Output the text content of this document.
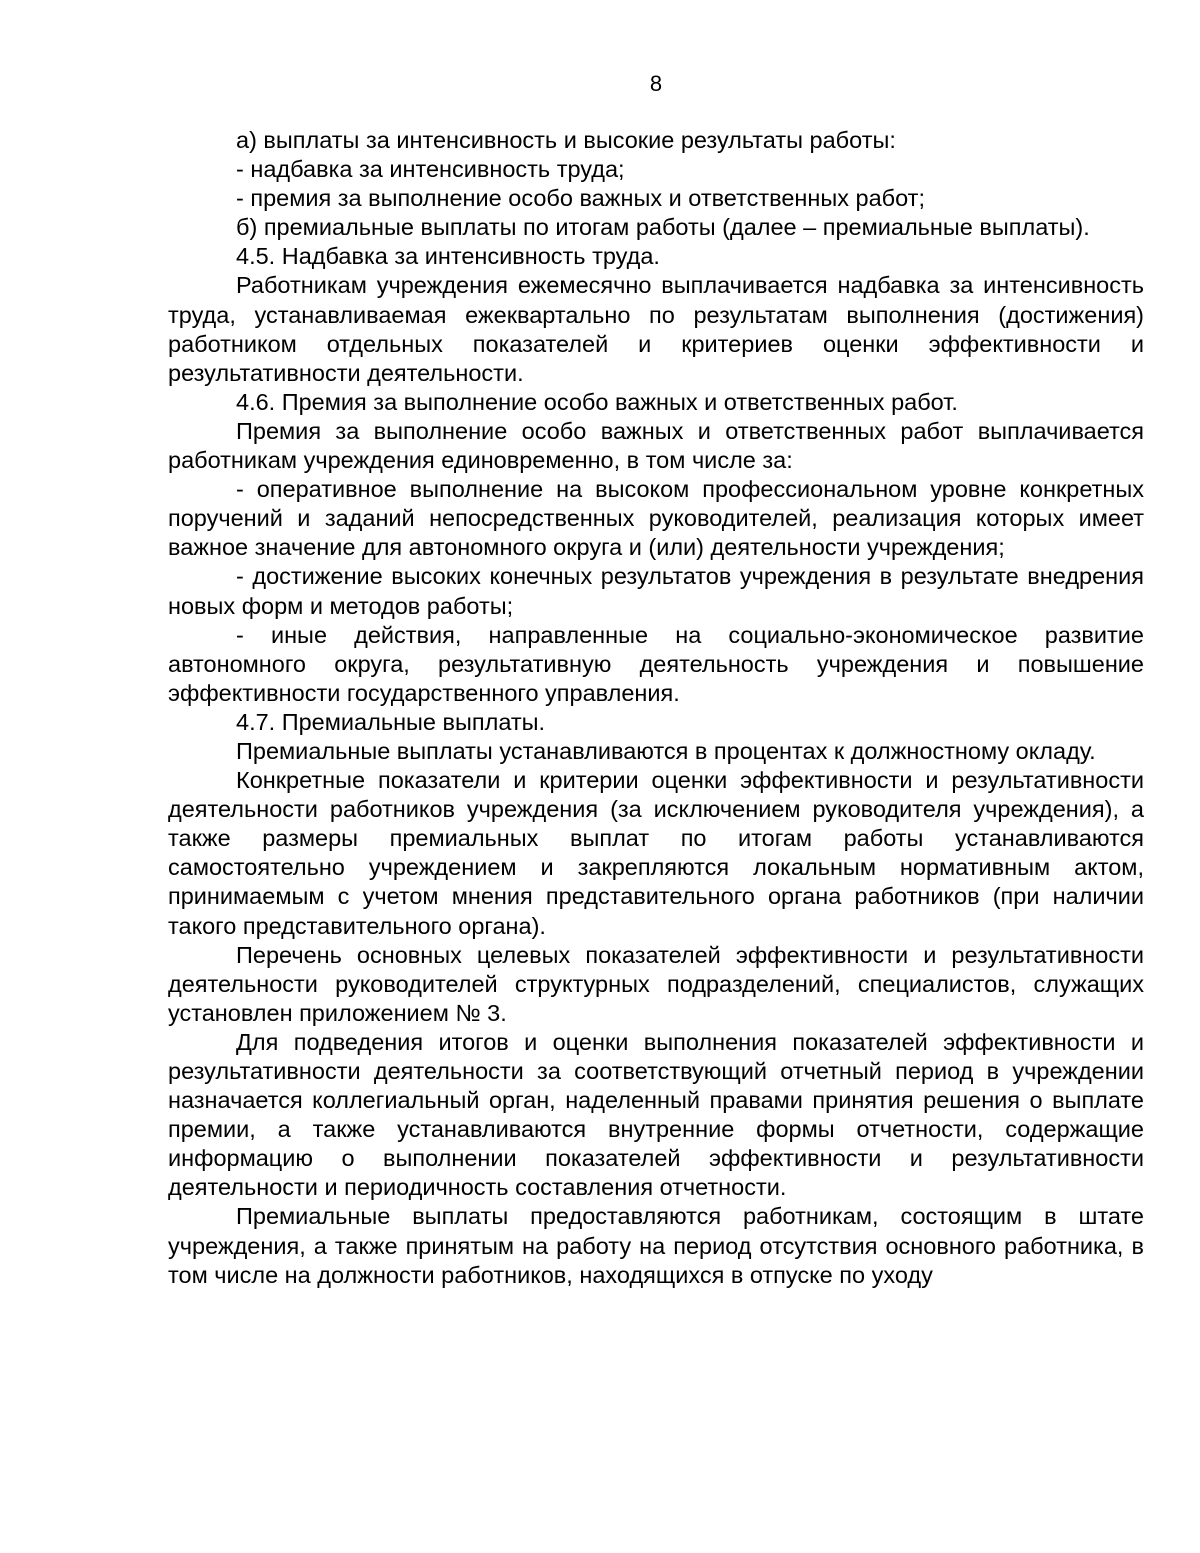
8

а) выплаты за интенсивность и высокие результаты работы:

- надбавка за интенсивность труда;

- премия за выполнение особо важных и ответственных работ;

б) премиальные выплаты по итогам работы (далее – премиальные выплаты).

4.5. Надбавка за интенсивность труда.

Работникам учреждения ежемесячно выплачивается надбавка за интенсивность труда, устанавливаемая ежеквартально по результатам выполнения (достижения) работником отдельных показателей и критериев оценки эффективности и результативности деятельности.

4.6. Премия за выполнение особо важных и ответственных работ.

Премия за выполнение особо важных и ответственных работ выплачивается работникам учреждения единовременно, в том числе за:

- оперативное выполнение на высоком профессиональном уровне конкретных поручений и заданий непосредственных руководителей, реализация которых имеет важное значение для автономного округа и (или) деятельности учреждения;

- достижение высоких конечных результатов учреждения в результате внедрения новых форм и методов работы;

- иные действия, направленные на социально-экономическое развитие автономного округа, результативную деятельность учреждения и повышение эффективности государственного управления.

4.7. Премиальные выплаты.

Премиальные выплаты устанавливаются в процентах к должностному окладу.

Конкретные показатели и критерии оценки эффективности и результативности деятельности работников учреждения (за исключением руководителя учреждения), а также размеры премиальных выплат по итогам работы устанавливаются самостоятельно учреждением и закрепляются локальным нормативным актом, принимаемым с учетом мнения представительного органа работников (при наличии такого представительного органа).

Перечень основных целевых показателей эффективности и результативности деятельности руководителей структурных подразделений, специалистов, служащих установлен приложением № 3.

Для подведения итогов и оценки выполнения показателей эффективности и результативности деятельности за соответствующий отчетный период в учреждении назначается коллегиальный орган, наделенный правами принятия решения о выплате премии, а также устанавливаются внутренние формы отчетности, содержащие информацию о выполнении показателей эффективности и результативности деятельности и периодичность составления отчетности.

Премиальные выплаты предоставляются работникам, состоящим в штате учреждения, а также принятым на работу на период отсутствия основного работника, в том числе на должности работников, находящихся в отпуске по уходу
